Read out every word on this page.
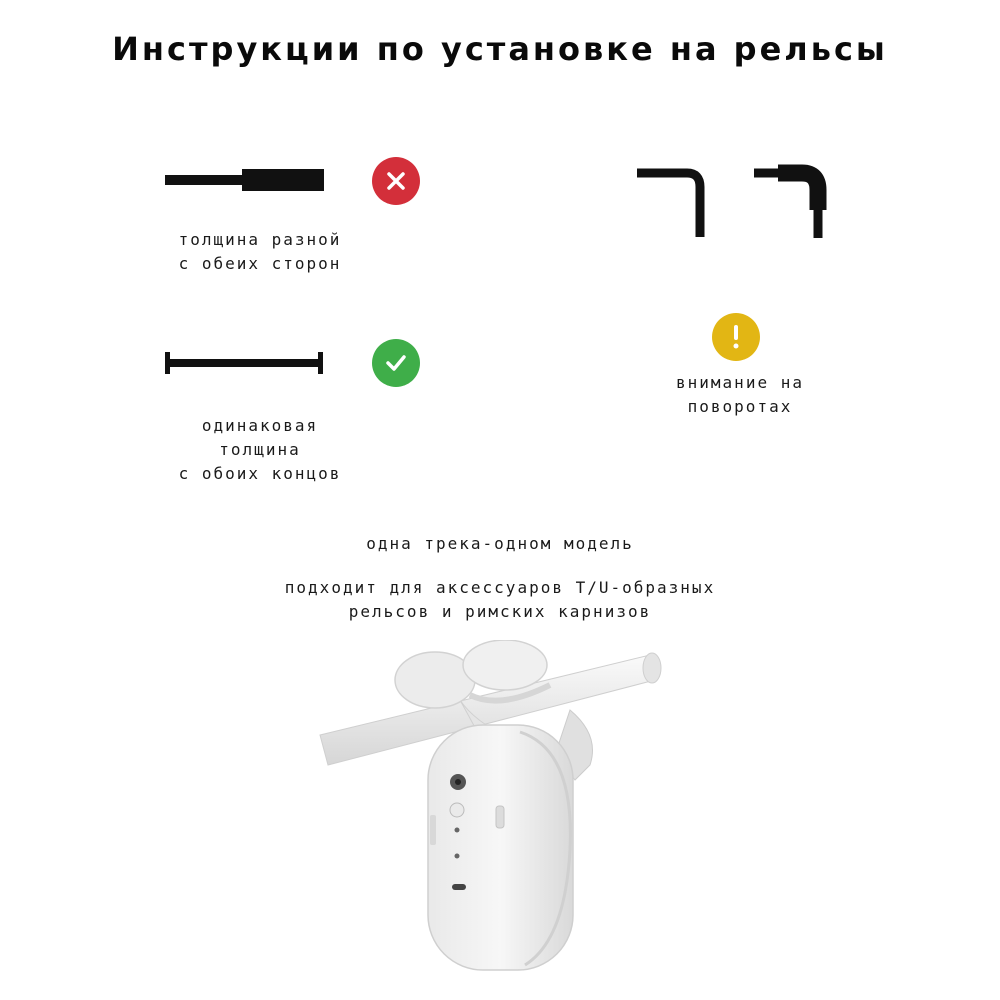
Инструкции по установке на рельсы
толщина разной
с обеих сторон
одинаковая
толщина
с обоих концов
внимание на
поворотах
одна трека-одном модель
подходит для аксессуаров T/U-образных
рельсов и римских карнизов
